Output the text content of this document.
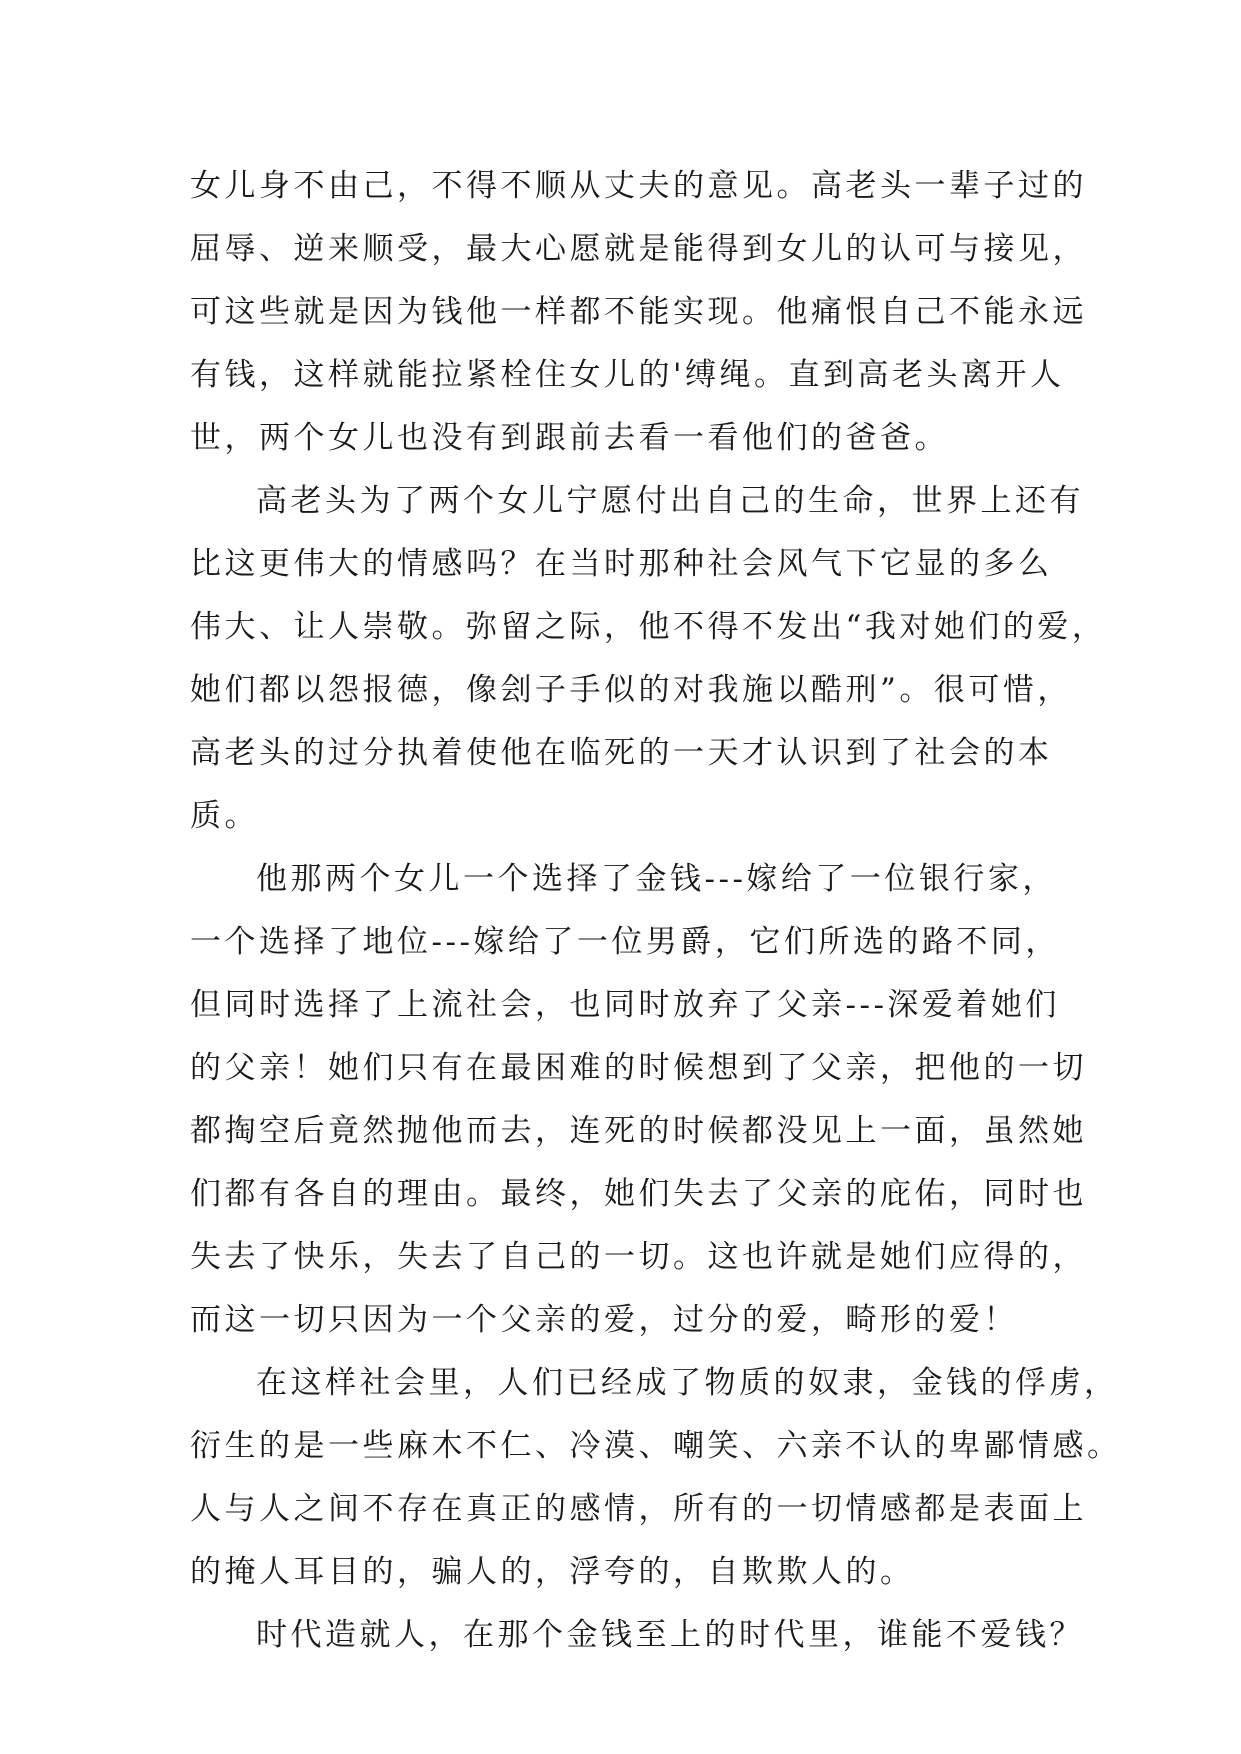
女儿身不由己，不得不顺从丈夫的意见。高老头一辈子过的
屈辱、逆来顺受，最大心愿就是能得到女儿的认可与接见，
可这些就是因为钱他一样都不能实现。他痛恨自己不能永远
有钱，这样就能拉紧栓住女儿的'缚绳。直到高老头离开人
世，两个女儿也没有到跟前去看一看他们的爸爸。
高老头为了两个女儿宁愿付出自己的生命，世界上还有
比这更伟大的情感吗？在当时那种社会风气下它显的多么
伟大、让人崇敬。弥留之际，他不得不发出“我对她们的爱，
她们都以怨报德，像刽子手似的对我施以酷刑”。很可惜，
高老头的过分执着使他在临死的一天才认识到了社会的本
质。
他那两个女儿一个选择了金钱---嫁给了一位银行家，
一个选择了地位---嫁给了一位男爵，它们所选的路不同，
但同时选择了上流社会，也同时放弃了父亲---深爱着她们
的父亲！她们只有在最困难的时候想到了父亲，把他的一切
都掏空后竟然抛他而去，连死的时候都没见上一面，虽然她
们都有各自的理由。最终，她们失去了父亲的庇佑，同时也
失去了快乐，失去了自己的一切。这也许就是她们应得的，
而这一切只因为一个父亲的爱，过分的爱，畸形的爱！
在这样社会里，人们已经成了物质的奴隶，金钱的俘虏，
衍生的是一些麻木不仁、冷漠、嘲笑、六亲不认的卑鄙情感。
人与人之间不存在真正的感情，所有的一切情感都是表面上
的掩人耳目的，骗人的，浮夸的，自欺欺人的。
时代造就人，在那个金钱至上的时代里，谁能不爱钱？
